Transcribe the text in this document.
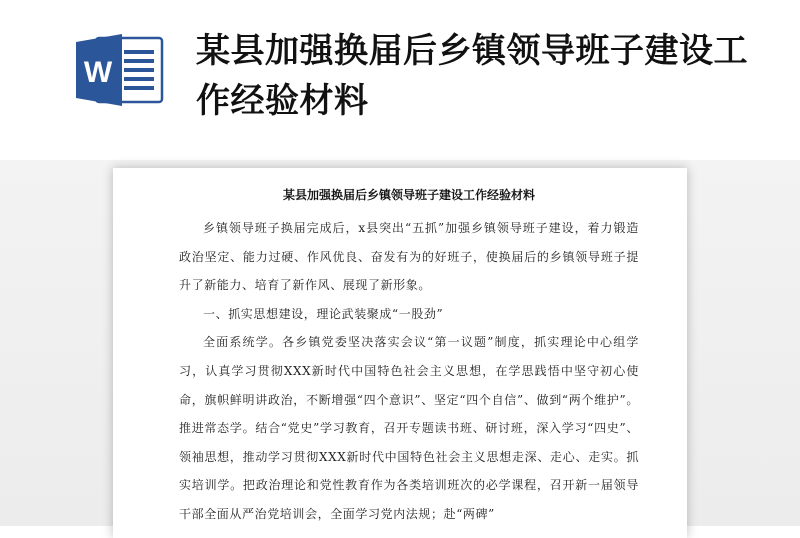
W
某县加强换届后乡镇领导班子建设工作经验材料

某县加强换届后乡镇领导班子建设工作经验材料

乡镇领导班子换届完成后，x县突出“五抓”加强乡镇领导班子建设，着力锻造政治坚定、能力过硬、作风优良、奋发有为的好班子，使换届后的乡镇领导班子提升了新能力、培育了新作风、展现了新形象。

一、抓实思想建设，理论武装聚成“一股劲”

全面系统学。各乡镇党委坚决落实会议“第一议题”制度，抓实理论中心组学习，认真学习贯彻XXX新时代中国特色社会主义思想，在学思践悟中坚守初心使命，旗帜鲜明讲政治，不断增强“四个意识”、坚定“四个自信”、做到“两个维护”。推进常态学。结合“党史”学习教育，召开专题读书班、研讨班，深入学习“四史”、领袖思想，推动学习贯彻XXX新时代中国特色社会主义思想走深、走心、走实。抓实培训学。把政治理论和党性教育作为各类培训班次的必学课程，召开新一届领导干部全面从严治党培训会，全面学习党内法规；赴“两碑”
